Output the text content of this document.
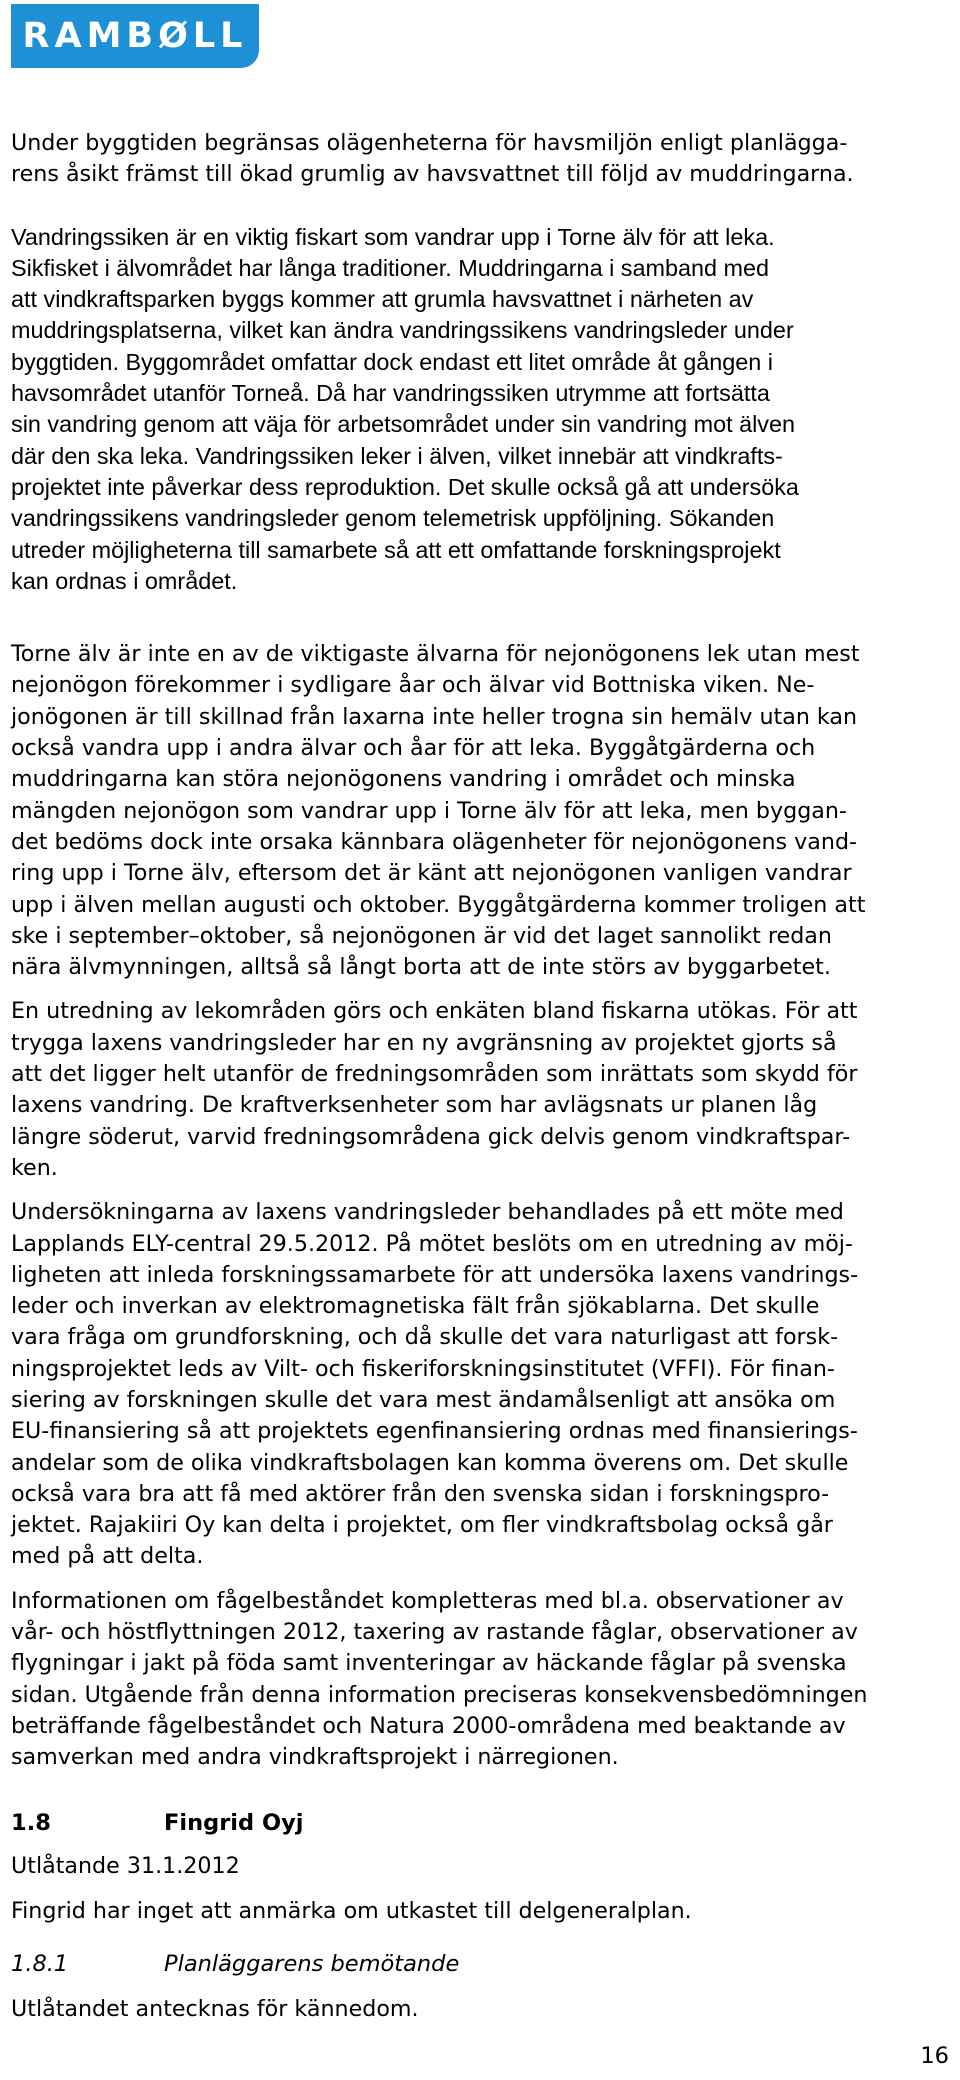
RAMBØLL

Under byggtiden begränsas olägenheterna för havsmiljön enligt planlägga-
rens åsikt främst till ökad grumlig av havsvattnet till följd av muddringarna.

Vandringssiken är en viktig fiskart som vandrar upp i Torne älv för att leka.
Sikfisket i älvområdet har långa traditioner. Muddringarna i samband med
att vindkraftsparken byggs kommer att grumla havsvattnet i närheten av
muddringsplatserna, vilket kan ändra vandringssikens vandringsleder under
byggtiden. Byggområdet omfattar dock endast ett litet område åt gången i
havsområdet utanför Torneå. Då har vandringssiken utrymme att fortsätta
sin vandring genom att väja för arbetsområdet under sin vandring mot älven
där den ska leka. Vandringssiken leker i älven, vilket innebär att vindkrafts-
projektet inte påverkar dess reproduktion. Det skulle också gå att undersöka
vandringssikens vandringsleder genom telemetrisk uppföljning. Sökanden
utreder möjligheterna till samarbete så att ett omfattande forskningsprojekt
kan ordnas i området.

Torne älv är inte en av de viktigaste älvarna för nejonögonens lek utan mest
nejonögon förekommer i sydligare åar och älvar vid Bottniska viken. Ne-
jonögonen är till skillnad från laxarna inte heller trogna sin hemälv utan kan
också vandra upp i andra älvar och åar för att leka. Byggåtgärderna och
muddringarna kan störa nejonögonens vandring i området och minska
mängden nejonögon som vandrar upp i Torne älv för att leka, men byggan-
det bedöms dock inte orsaka kännbara olägenheter för nejonögonens vand-
ring upp i Torne älv, eftersom det är känt att nejonögonen vanligen vandrar
upp i älven mellan augusti och oktober. Byggåtgärderna kommer troligen att
ske i september–oktober, så nejonögonen är vid det laget sannolikt redan
nära älvmynningen, alltså så långt borta att de inte störs av byggarbetet.

En utredning av lekområden görs och enkäten bland fiskarna utökas. För att
trygga laxens vandringsleder har en ny avgränsning av projektet gjorts så
att det ligger helt utanför de fredningsområden som inrättats som skydd för
laxens vandring. De kraftverksenheter som har avlägsnats ur planen låg
längre söderut, varvid fredningsområdena gick delvis genom vindkraftspar-
ken.

Undersökningarna av laxens vandringsleder behandlades på ett möte med
Lapplands ELY-central 29.5.2012. På mötet beslöts om en utredning av möj-
ligheten att inleda forskningssamarbete för att undersöka laxens vandrings-
leder och inverkan av elektromagnetiska fält från sjökablarna. Det skulle
vara fråga om grundforskning, och då skulle det vara naturligast att forsk-
ningsprojektet leds av Vilt- och fiskeriforskningsinstitutet (VFFI). För finan-
siering av forskningen skulle det vara mest ändamålsenligt att ansöka om
EU-finansiering så att projektets egenfinansiering ordnas med finansierings-
andelar som de olika vindkraftsbolagen kan komma överens om. Det skulle
också vara bra att få med aktörer från den svenska sidan i forskningspro-
jektet. Rajakiiri Oy kan delta i projektet, om fler vindkraftsbolag också går
med på att delta.

Informationen om fågelbeståndet kompletteras med bl.a. observationer av
vår- och höstflyttningen 2012, taxering av rastande fåglar, observationer av
flygningar i jakt på föda samt inventeringar av häckande fåglar på svenska
sidan. Utgående från denna information preciseras konsekvensbedömningen
beträffande fågelbeståndet och Natura 2000-områdena med beaktande av
samverkan med andra vindkraftsprojekt i närregionen.

1.8	Fingrid Oyj

Utlåtande 31.1.2012

Fingrid har inget att anmärka om utkastet till delgeneralplan.

1.8.1	Planläggarens bemötande

Utlåtandet antecknas för kännedom.

16
